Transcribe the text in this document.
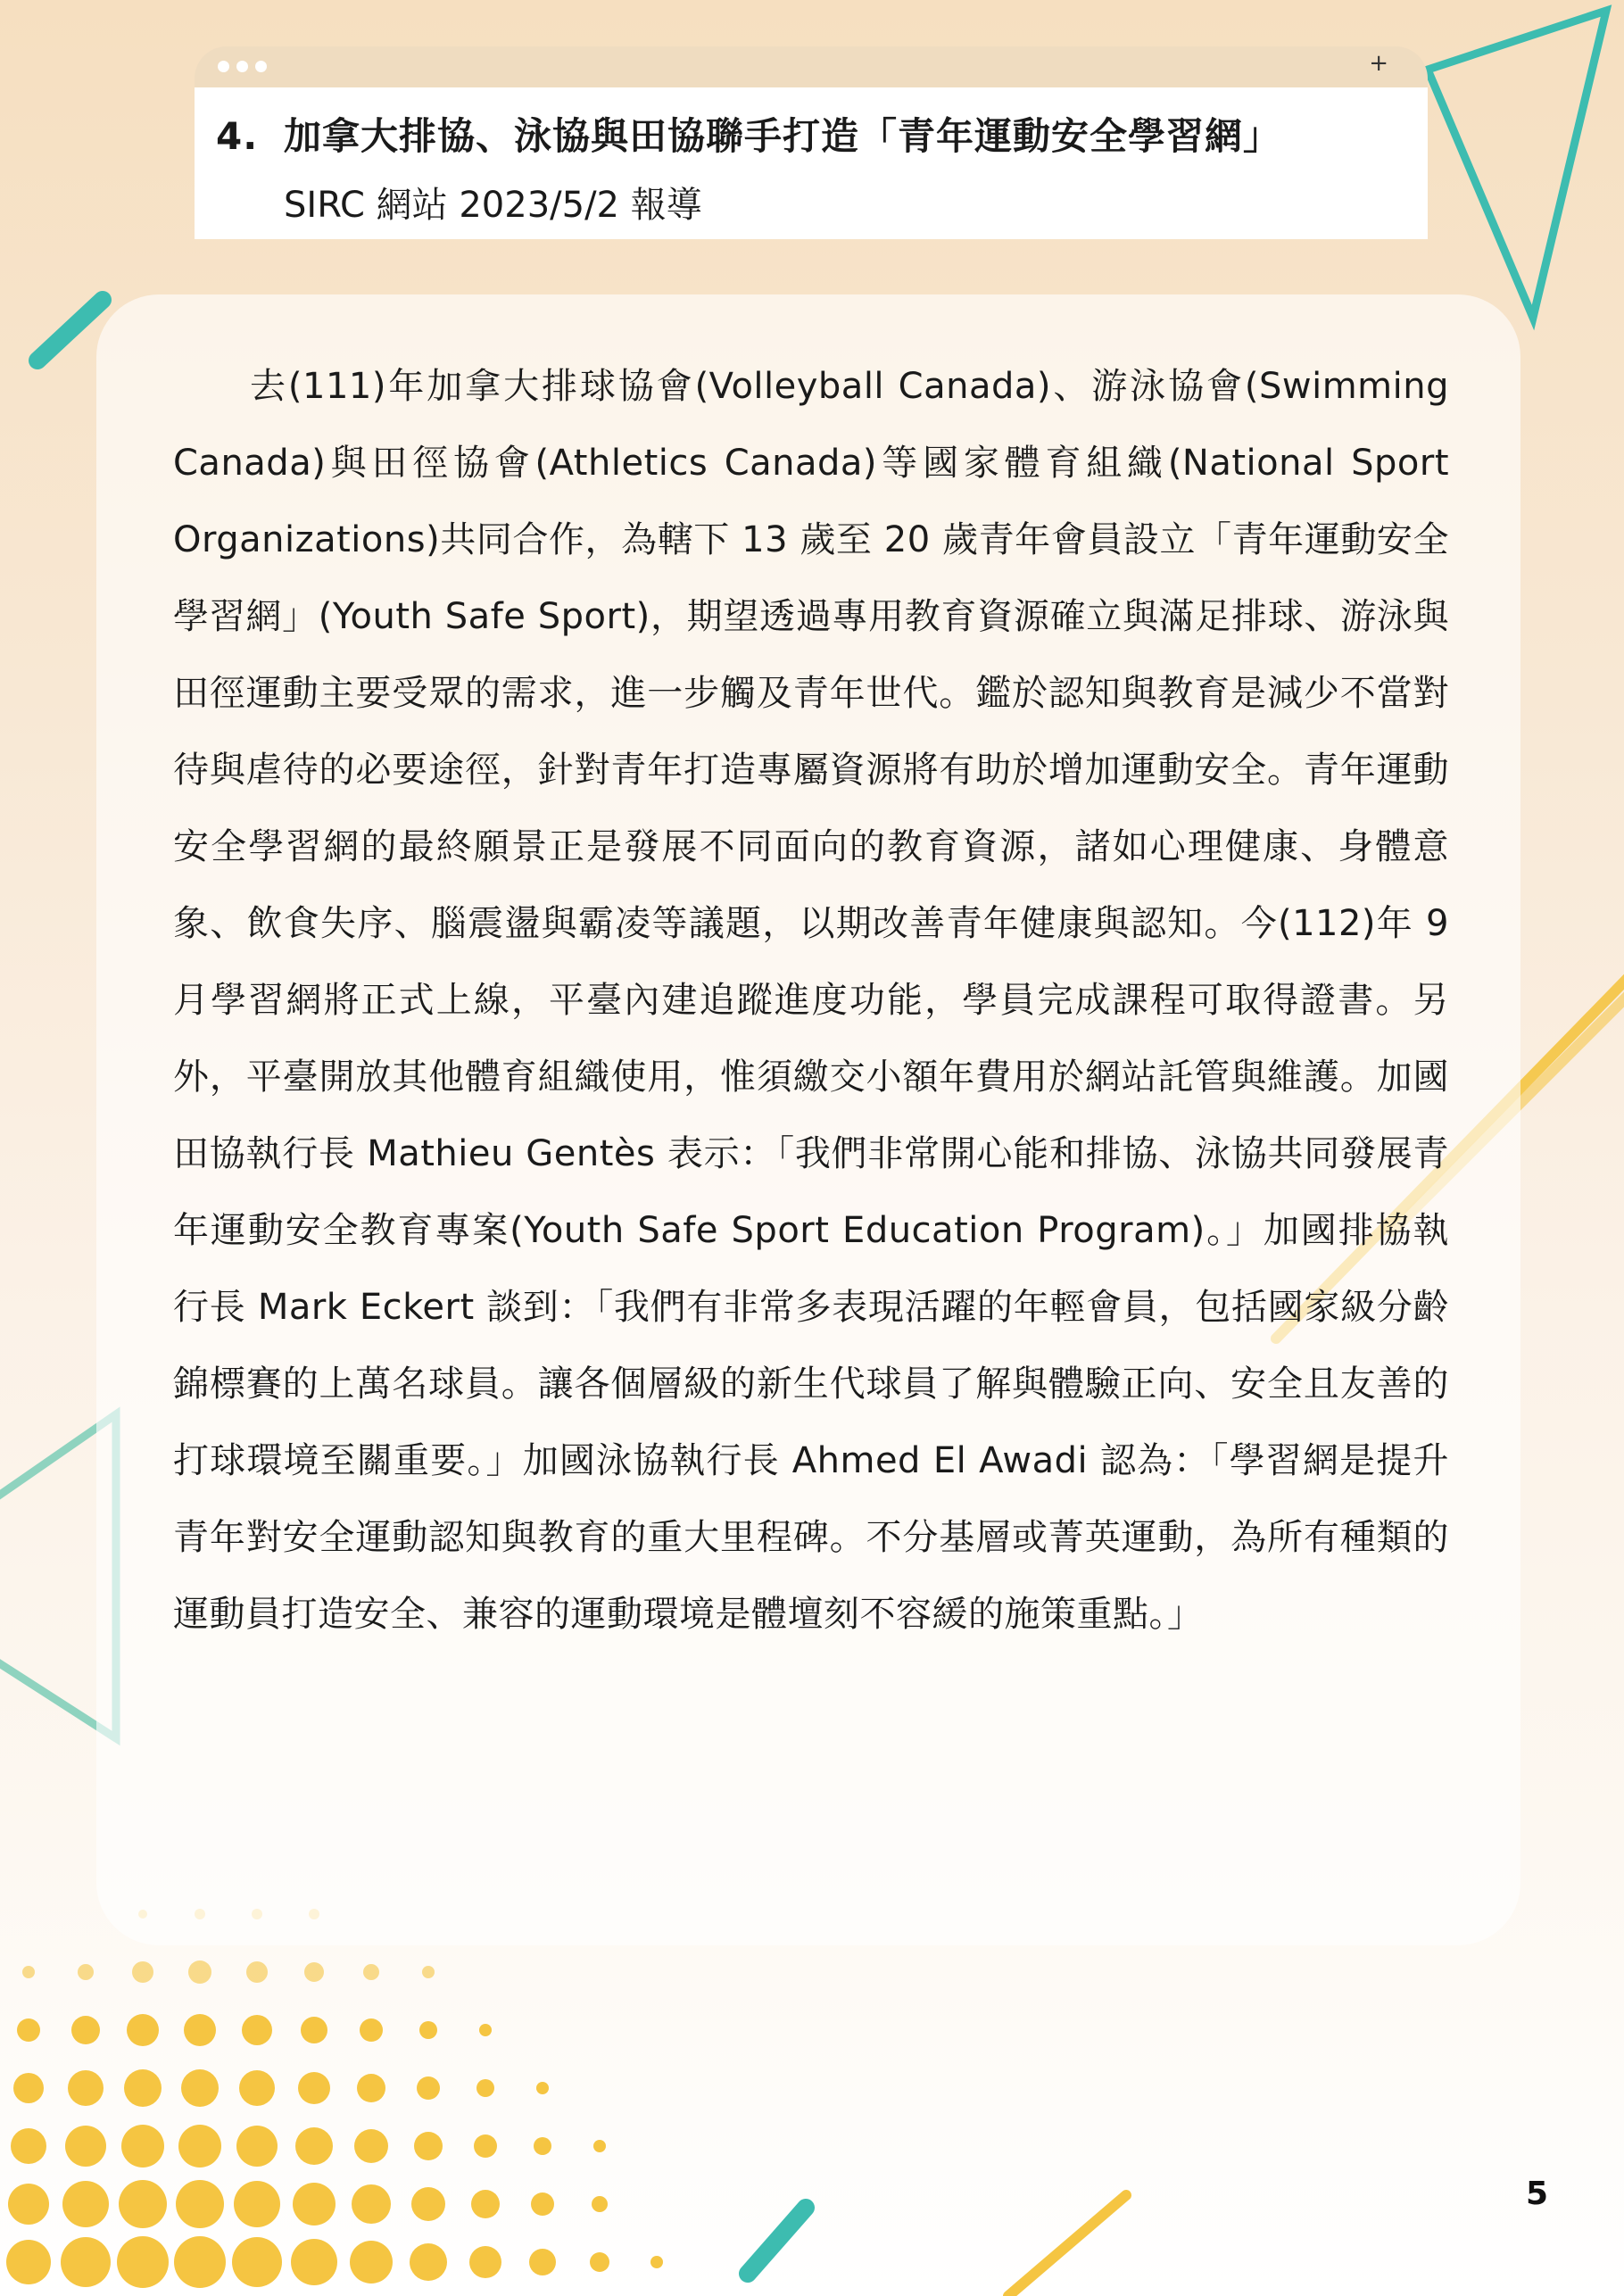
+
4. 加拿大排協、泳協與田協聯手打造「青年運動安全學習網」
SIRC 網站 2023/5/2 報導
去(111)年加拿大排球協會(Volleyball Canada)、游泳協會(Swimming Canada)與田徑協會(Athletics Canada)等國家體育組織(National Sport Organizations)共同合作，為轄下 13 歲至 20 歲青年會員設立「青年運動安全學習網」(Youth Safe Sport)，期望透過專用教育資源確立與滿足排球、游泳與田徑運動主要受眾的需求，進一步觸及青年世代。鑑於認知與教育是減少不當對待與虐待的必要途徑，針對青年打造專屬資源將有助於增加運動安全。青年運動安全學習網的最終願景正是發展不同面向的教育資源，諸如心理健康、身體意象、飲食失序、腦震盪與霸凌等議題，以期改善青年健康與認知。今(112)年 9 月學習網將正式上線，平臺內建追蹤進度功能，學員完成課程可取得證書。另外，平臺開放其他體育組織使用，惟須繳交小額年費用於網站託管與維護。加國田協執行長 Mathieu Gentès 表示：「我們非常開心能和排協、泳協共同發展青年運動安全教育專案(Youth Safe Sport Education Program)。」加國排協執行長 Mark Eckert 談到：「我們有非常多表現活躍的年輕會員，包括國家級分齡錦標賽的上萬名球員。讓各個層級的新生代球員了解與體驗正向、安全且友善的打球環境至關重要。」加國泳協執行長 Ahmed El Awadi 認為：「學習網是提升青年對安全運動認知與教育的重大里程碑。不分基層或菁英運動，為所有種類的運動員打造安全、兼容的運動環境是體壇刻不容緩的施策重點。」
5
